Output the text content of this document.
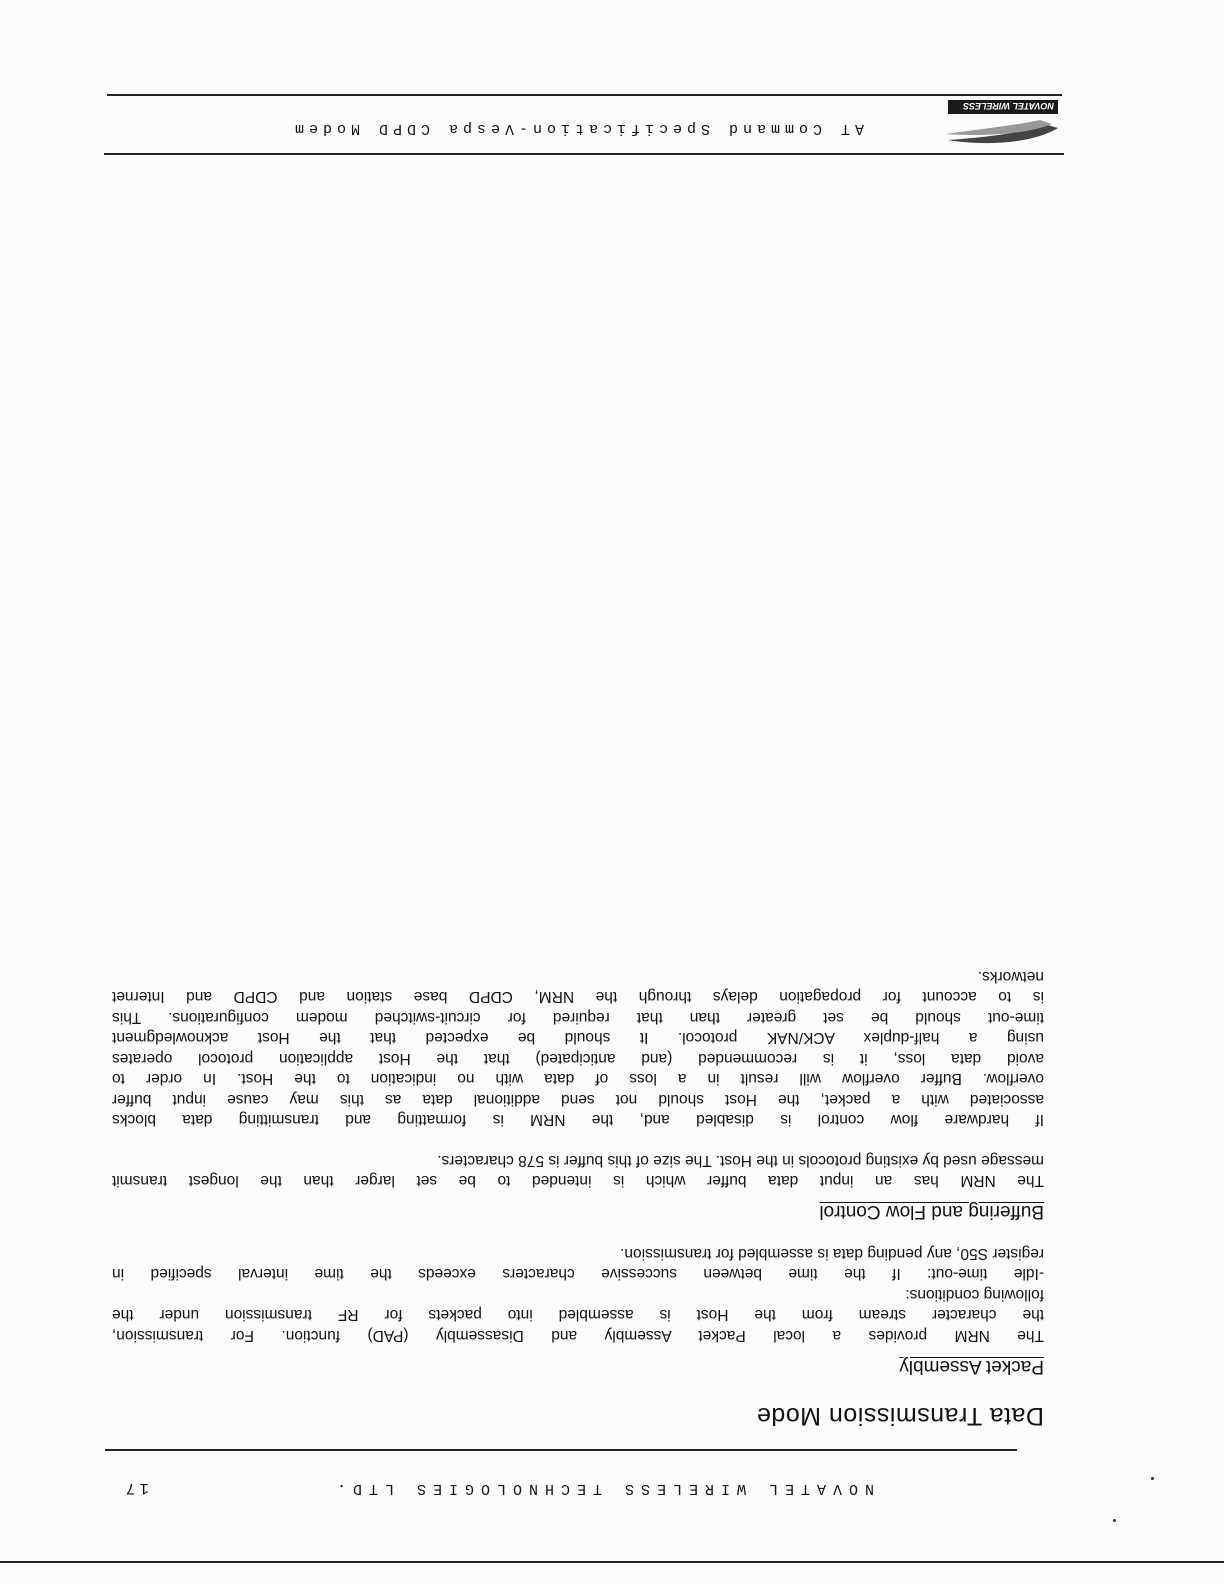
NOVATEL WIRELESS
AT Command Specification-Vespa CDPD Modem
Data Transmission Mode
Packet Assembly

The NRM provides a local Packet Assembly and Disassembly (PAD) function. For transmission,
the character stream from the Host is assembled into packets for RF transmission under the
following conditions:
-Idle time-out: If the time between successive characters exceeds the time interval specified in
register S50, any pending data is assembled for transmission.

Buffering and Flow Control

The NRM has an input data buffer which is intended to be set larger than the longest transmit
message used by existing protocols in the Host. The size of this buffer is 578 characters.

If hardware flow control is disabled and, the NRM is formatting and transmitting data blocks
associated with a packet, the Host should not send additional data as this may cause input buffer
overflow. Buffer overflow will result in a loss of data with no indication to the Host. In order to
avoid data loss, it is recommended (and anticipated) that the Host application protocol operates
using a half-duplex ACK/NAK protocol. It should be expected that the Host acknowledgment
time-out should be set greater than that required for circuit-switched modem configurations. This
is to account for propagation delays through the NRM, CDPD base station and CDPD and Internet
networks.

NOVATEL WIRELESS TECHNOLOGIES LTD.
17
